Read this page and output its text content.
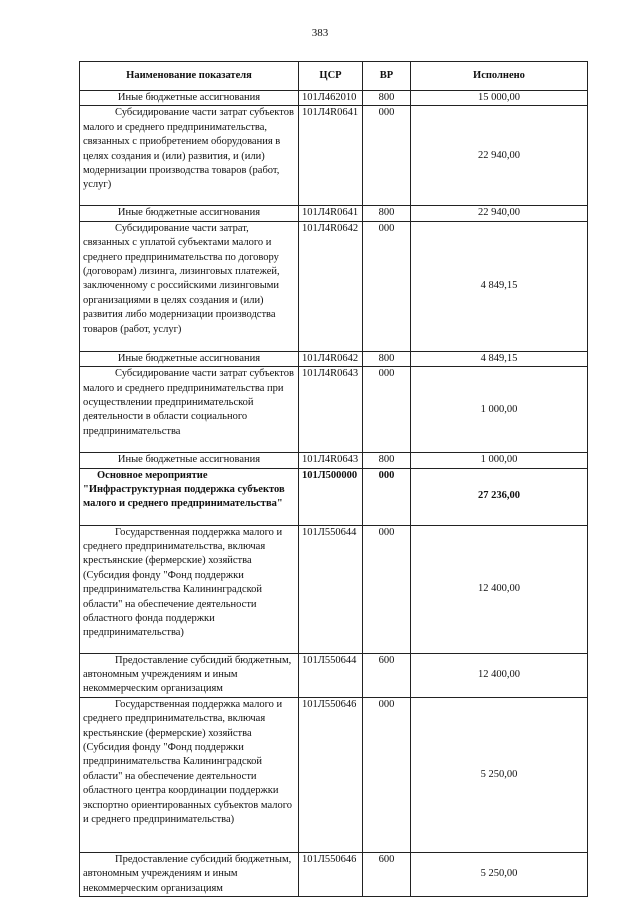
383
Наименование показателя	ЦСР	ВР	Исполнено
Иные бюджетные ассигнования	101Л462010	800	15 000,00
Субсидирование части затрат субъектов малого и среднего предпринимательства, связанных с приобретением оборудования в целях создания и (или) развития, и (или) модернизации производства товаров (работ, услуг)	101Л4R0641	000	22 940,00
Иные бюджетные ассигнования	101Л4R0641	800	22 940,00
Субсидирование части затрат, связанных с уплатой субъектами малого и среднего предпринимательства по договору (договорам) лизинга, лизинговых платежей, заключенному с российскими лизинговыми организациями в целях создания и (или) развития либо модернизации производства товаров (работ, услуг)	101Л4R0642	000	4 849,15
Иные бюджетные ассигнования	101Л4R0642	800	4 849,15
Субсидирование части затрат субъектов малого и среднего предпринимательства при осуществлении предпринимательской деятельности в области социального предпринимательства	101Л4R0643	000	1 000,00
Иные бюджетные ассигнования	101Л4R0643	800	1 000,00
Основное мероприятие "Инфраструктурная поддержка субъектов малого и среднего предпринимательства"	101Л500000	000	27 236,00
Государственная поддержка малого и среднего предпринимательства, включая крестьянские (фермерские) хозяйства (Субсидия фонду "Фонд поддержки предпринимательства Калининградской области" на обеспечение деятельности областного фонда поддержки предпринимательства)	101Л550644	000	12 400,00
Предоставление субсидий бюджетным, автономным учреждениям и иным некоммерческим организациям	101Л550644	600	12 400,00
Государственная поддержка малого и среднего предпринимательства, включая крестьянские (фермерские) хозяйства (Субсидия фонду "Фонд поддержки предпринимательства Калининградской области" на обеспечение деятельности областного центра координации поддержки экспортно ориентированных субъектов малого и среднего предпринимательства)	101Л550646	000	5 250,00
Предоставление субсидий бюджетным, автономным учреждениям и иным некоммерческим организациям	101Л550646	600	5 250,00
